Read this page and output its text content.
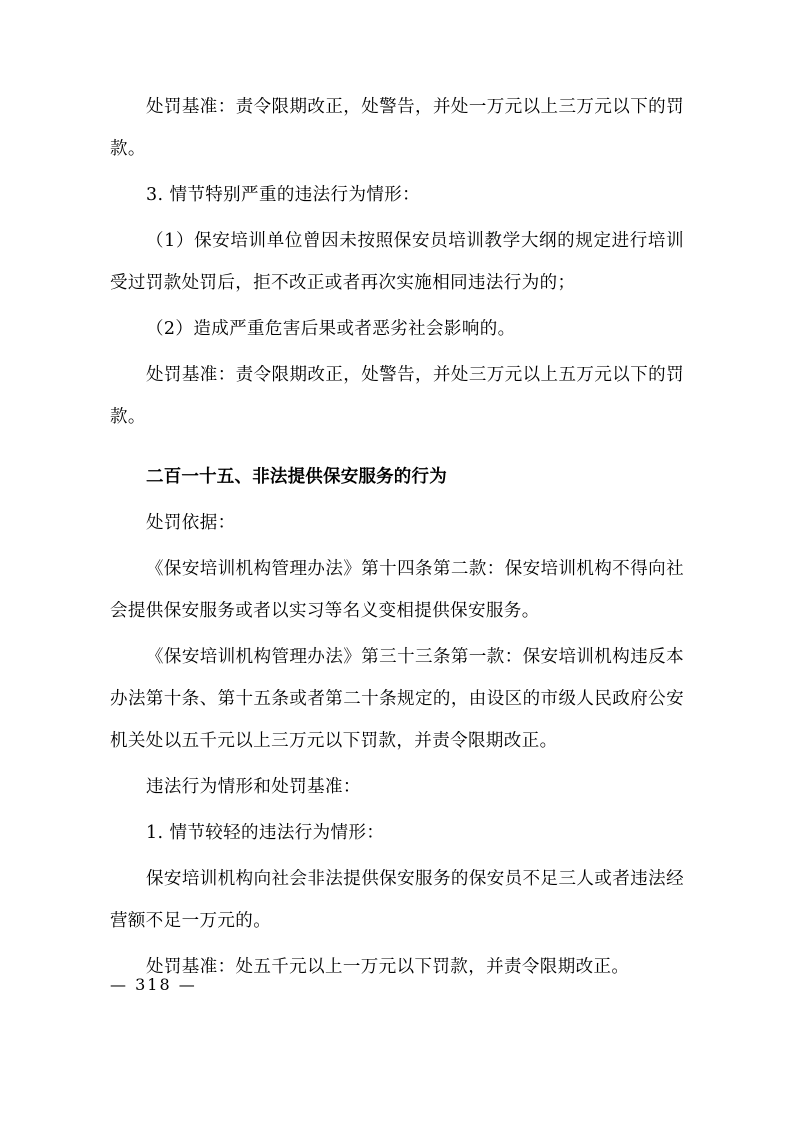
处罚基准：责令限期改正，处警告，并处一万元以上三万元以下的罚款。

3. 情节特别严重的违法行为情形：

（1）保安培训单位曾因未按照保安员培训教学大纲的规定进行培训受过罚款处罚后，拒不改正或者再次实施相同违法行为的；

（2）造成严重危害后果或者恶劣社会影响的。

处罚基准：责令限期改正，处警告，并处三万元以上五万元以下的罚款。

二百一十五、非法提供保安服务的行为

处罚依据：

《保安培训机构管理办法》第十四条第二款：保安培训机构不得向社会提供保安服务或者以实习等名义变相提供保安服务。

《保安培训机构管理办法》第三十三条第一款：保安培训机构违反本办法第十条、第十五条或者第二十条规定的，由设区的市级人民政府公安机关处以五千元以上三万元以下罚款，并责令限期改正。

违法行为情形和处罚基准：

1. 情节较轻的违法行为情形：

保安培训机构向社会非法提供保安服务的保安员不足三人或者违法经营额不足一万元的。

处罚基准：处五千元以上一万元以下罚款，并责令限期改正。

— 318 —
